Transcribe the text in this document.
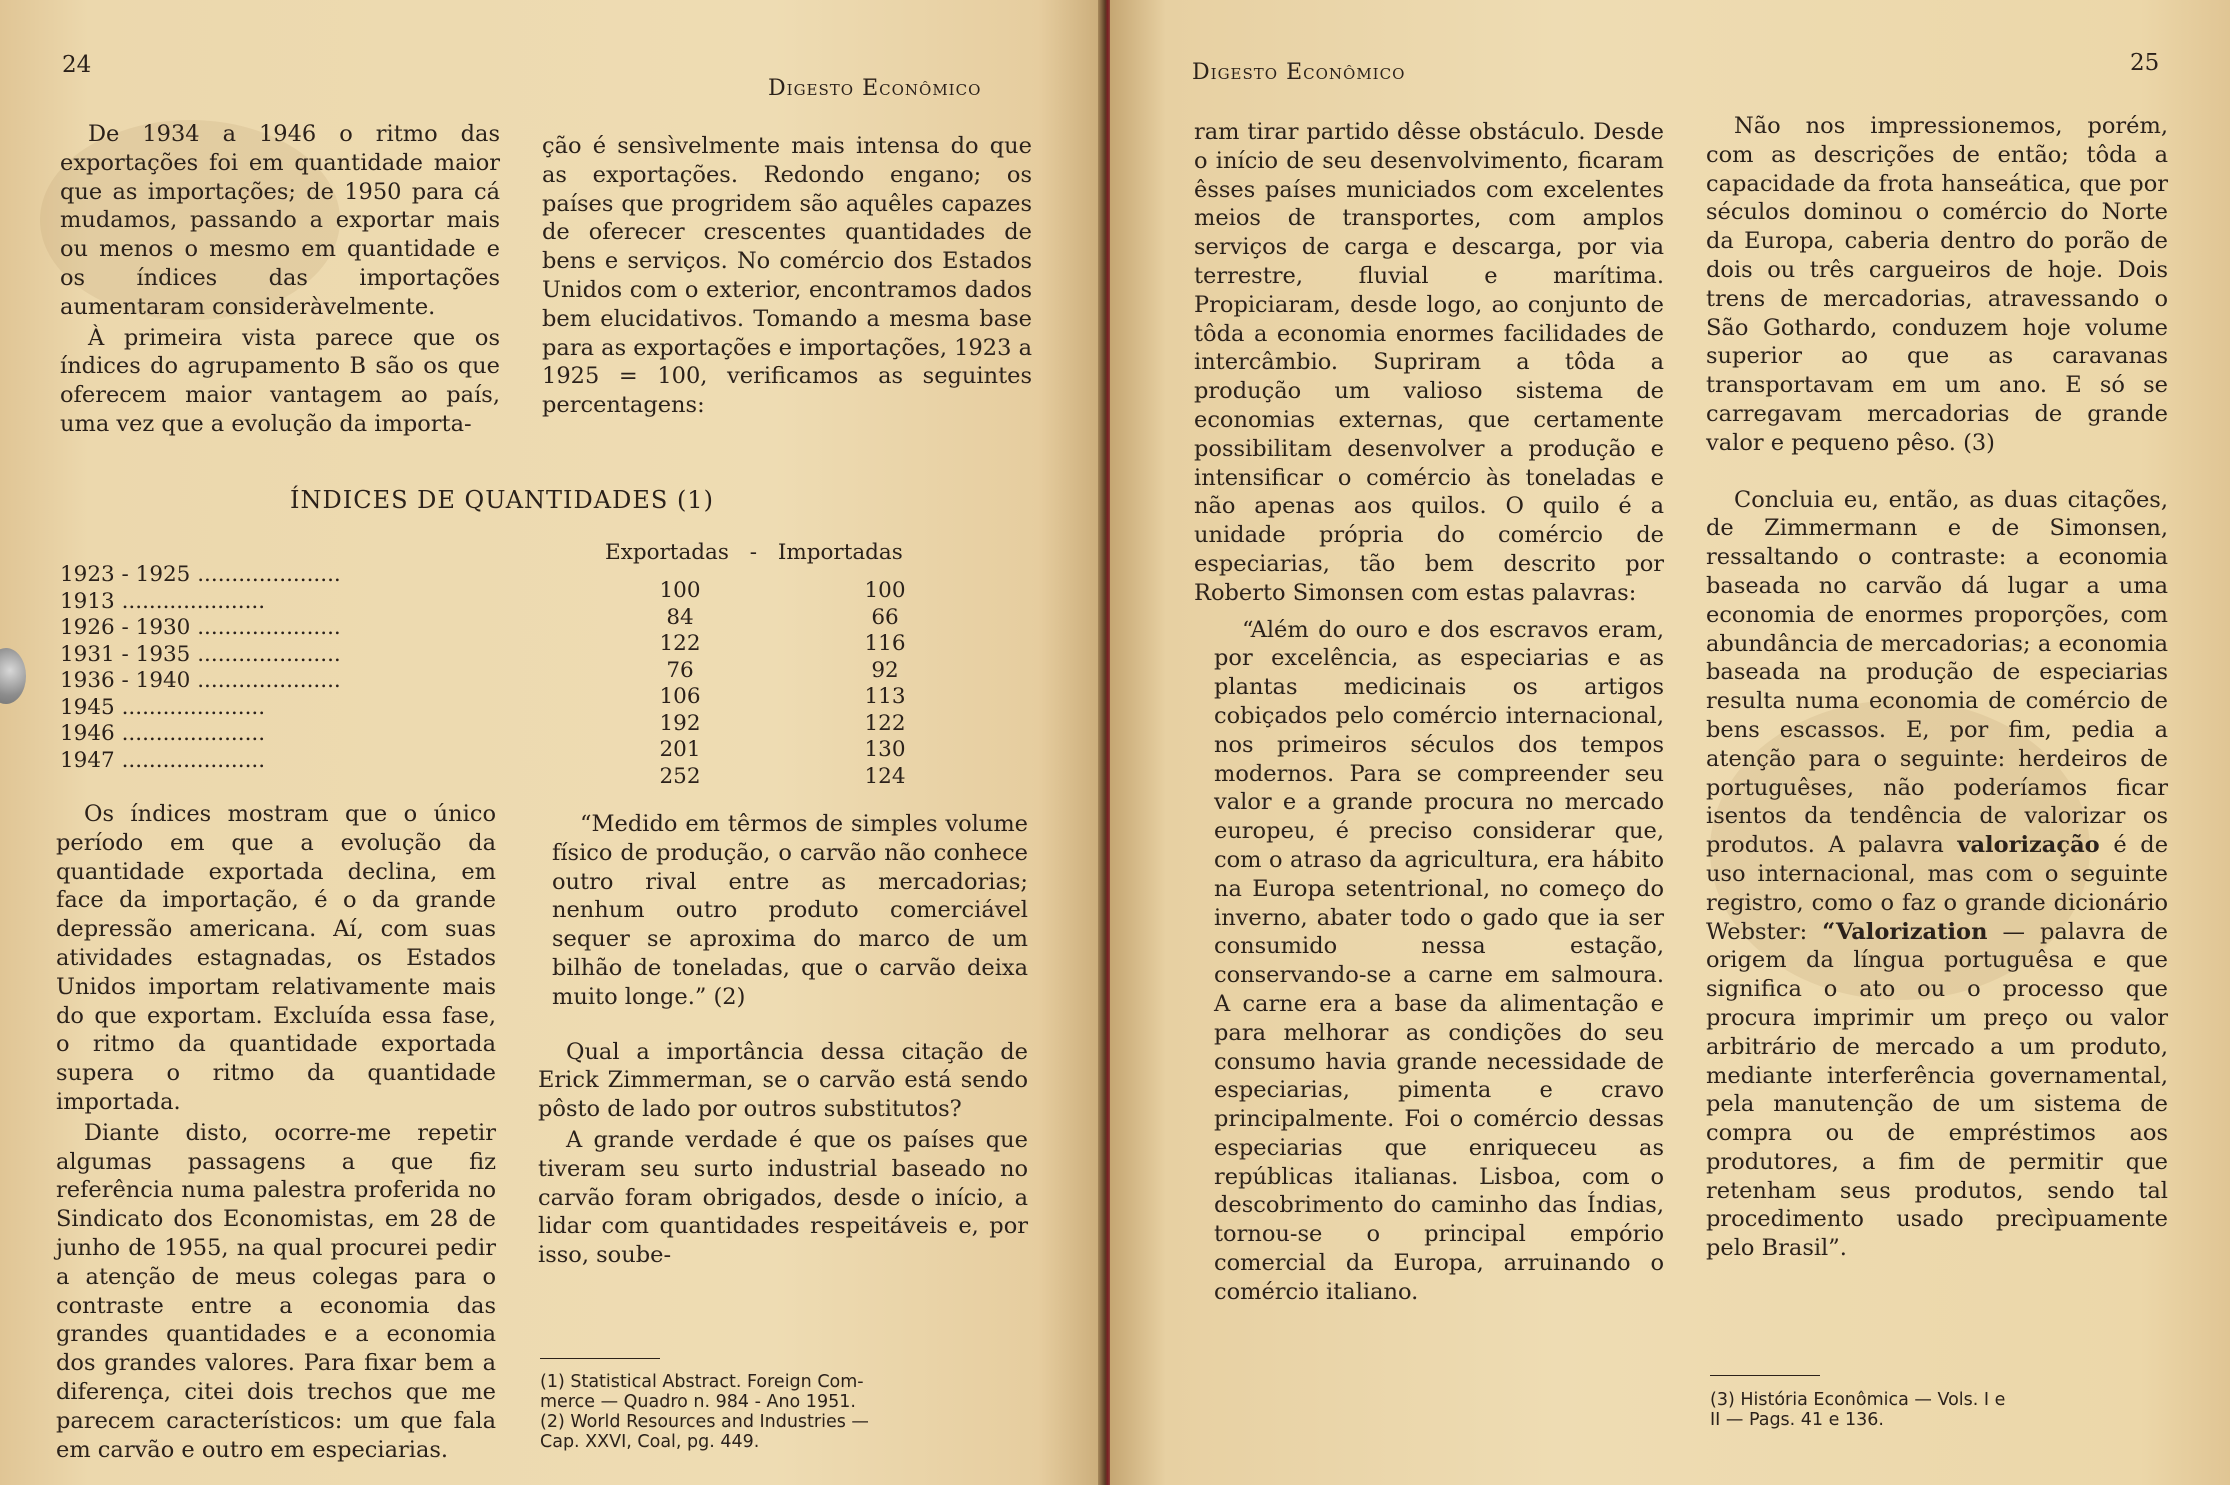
24
Digesto Econômico

De 1934 a 1946 o ritmo das exportações foi em quantidade maior que as importações; de 1950 para cá mudamos, passando a exportar mais ou menos o mesmo em quantidade e os índices das importações aumentaram consideràvelmente.

À primeira vista parece que os índices do agrupamento B são os que oferecem maior vantagem ao país, uma vez que a evolução da importa-

ção é sensìvelmente mais intensa do que as exportações. Redondo engano; os países que progridem são aquêles capazes de oferecer crescentes quantidades de bens e serviços. No comércio dos Estados Unidos com o exterior, encontramos dados bem elucidativos. Tomando a mesma base para as exportações e importações, 1923 a 1925 = 100, verificamos as seguintes percentagens:

ÍNDICES DE QUANTIDADES (1)
Exportadas - Importadas
1923 - 1925 .....................
1913 .....................
1926 - 1930 .....................
1931 - 1935 .....................
1936 - 1940 .....................
1945 .....................
1946 .....................
1947 .....................
100
84
122
76
106
192
201
252
100
66
116
92
113
122
130
124

Os índices mostram que o único período em que a evolução da quantidade exportada declina, em face da importação, é o da grande depressão americana. Aí, com suas atividades estagnadas, os Estados Unidos importam relativamente mais do que exportam. Excluída essa fase, o ritmo da quantidade exportada supera o ritmo da quantidade importada.

Diante disto, ocorre-me repetir algumas passagens a que fiz referência numa palestra proferida no Sindicato dos Economistas, em 28 de junho de 1955, na qual procurei pedir a atenção de meus colegas para o contraste entre a economia das grandes quantidades e a economia dos grandes valores. Para fixar bem a diferença, citei dois trechos que me parecem característicos: um que fala em carvão e outro em especiarias.

“Medido em têrmos de simples volume físico de produção, o carvão não conhece outro rival entre as mercadorias; nenhum outro produto comerciável sequer se aproxima do marco de um bilhão de toneladas, que o carvão deixa muito longe.” (2)

Qual a importância dessa citação de Erick Zimmerman, se o carvão está sendo pôsto de lado por outros substitutos?

A grande verdade é que os países que tiveram seu surto industrial baseado no carvão foram obrigados, desde o início, a lidar com quantidades respeitáveis e, por isso, soube-

(1) Statistical Abstract. Foreign Com-
merce — Quadro n. 984 - Ano 1951.
(2) World Resources and Industries —
Cap. XXVI, Coal, pg. 449.
Digesto Econômico	25

ram tirar partido dêsse obstáculo. Desde o início de seu desenvolvimento, ficaram êsses países municiados com excelentes meios de transportes, com amplos serviços de carga e descarga, por via terrestre, fluvial e marítima. Propiciaram, desde logo, ao conjunto de tôda a economia enormes facilidades de intercâmbio. Supriram a tôda a produção um valioso sistema de economias externas, que certamente possibilitam desenvolver a produção e intensificar o comércio às toneladas e não apenas aos quilos. O quilo é a unidade própria do comércio de especiarias, tão bem descrito por Roberto Simonsen com estas palavras:

“Além do ouro e dos escravos eram, por excelência, as especiarias e as plantas medicinais os artigos cobiçados pelo comércio internacional, nos primeiros séculos dos tempos modernos. Para se compreender seu valor e a grande procura no mercado europeu, é preciso considerar que, com o atraso da agricultura, era hábito na Europa setentrional, no começo do inverno, abater todo o gado que ia ser consumido nessa estação, conservando-se a carne em salmoura. A carne era a base da alimentação e para melhorar as condições do seu consumo havia grande necessidade de especiarias, pimenta e cravo principalmente. Foi o comércio dessas especiarias que enriqueceu as repúblicas italianas. Lisboa, com o descobrimento do caminho das Índias, tornou-se o principal empório comercial da Europa, arruinando o comércio italiano.

Não nos impressionemos, porém, com as descrições de então; tôda a capacidade da frota hanseática, que por séculos dominou o comércio do Norte da Europa, caberia dentro do porão de dois ou três cargueiros de hoje. Dois trens de mercadorias, atravessando o São Gothardo, conduzem hoje volume superior ao que as caravanas transportavam em um ano. E só se carregavam mercadorias de grande valor e pequeno pêso. (3)

Concluia eu, então, as duas citações, de Zimmermann e de Simonsen, ressaltando o contraste: a economia baseada no carvão dá lugar a uma economia de enormes proporções, com abundância de mercadorias; a economia baseada na produção de especiarias resulta numa economia de comércio de bens escassos. E, por fim, pedia a atenção para o seguinte: herdeiros de portuguêses, não poderíamos ficar isentos da tendência de valorizar os produtos. A palavra valorização é de uso internacional, mas com o seguinte registro, como o faz o grande dicionário Webster: “Valorization — palavra de origem da língua portuguêsa e que significa o ato ou o processo que procura imprimir um preço ou valor arbitrário de mercado a um produto, mediante interferência governamental, pela manutenção de um sistema de compra ou de empréstimos aos produtores, a fim de permitir que retenham seus produtos, sendo tal procedimento usado precìpuamente pelo Brasil”.

(3) História Econômica — Vols. I e
II — Pags. 41 e 136.
